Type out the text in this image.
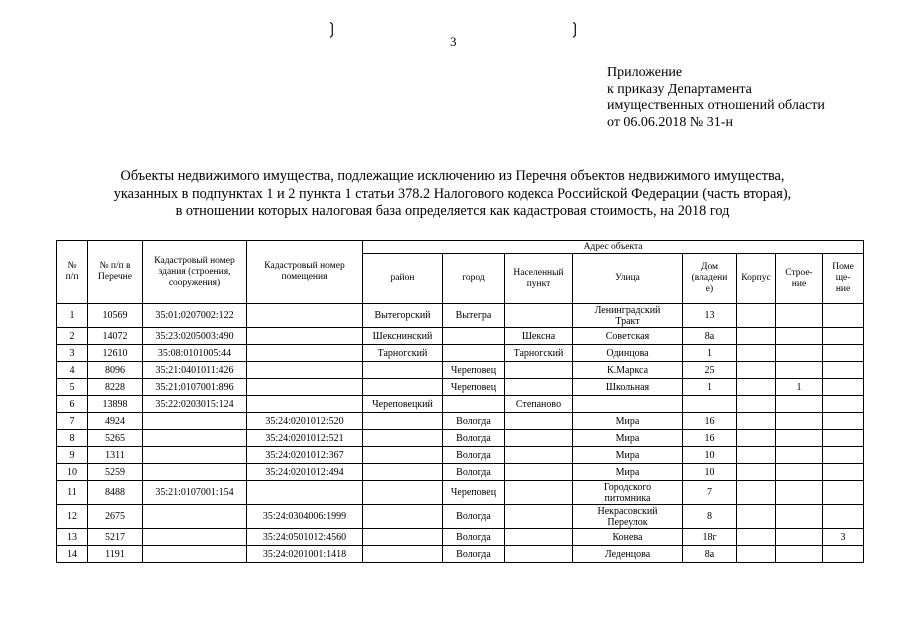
❳	❳
3
Приложение
к приказу Департамента
имущественных отношений области
от 06.06.2018 № 31-н
Объекты недвижимого имущества, подлежащие исключению из Перечня объектов недвижимого имущества,
указанных в подпунктах 1 и 2 пункта 1 статьи 378.2 Налогового кодекса Российской Федерации (часть вторая),
в отношении которых налоговая база определяется как кадастровая стоимость, на 2018 год
№
п/п	№ п/п в
Перечне	Кадастровый номер
здания (строения,
сооружения)	Кадастровый номер
помещения	Адрес объекта							
				район	город	Населенный
пункт	Улица	Дом
(владени
е)	Корпус	Строе-
ние	Поме
ще-
ние
1	10569	35:01:0207002:122		Вытегорский	Вытегра		Ленинградский
Тракт	13			
2	14072	35:23:0205003:490		Шекснинский		Шексна	Советская	8а			
3	12610	35:08:0101005:44		Тарногский		Тарногский	Одинцова	1			
4	8096	35:21:0401011:426			Череповец		К.Маркса	25			
5	8228	35:21:0107001:896			Череповец		Школьная	1		1	
6	13898	35:22:0203015:124		Череповецкий		Степаново					
7	4924		35:24:0201012:520		Вологда		Мира	16			
8	5265		35:24:0201012:521		Вологда		Мира	16			
9	1311		35:24:0201012:367		Вологда		Мира	10			
10	5259		35:24:0201012:494		Вологда		Мира	10			
11	8488	35:21:0107001:154			Череповец		Городского
питомника	7			
12	2675		35:24:0304006:1999		Вологда		Некрасовский
Переулок	8			
13	5217		35:24:0501012:4560		Вологда		Конева	18г			3
14	1191		35:24:0201001:1418		Вологда		Леденцова	8а			
